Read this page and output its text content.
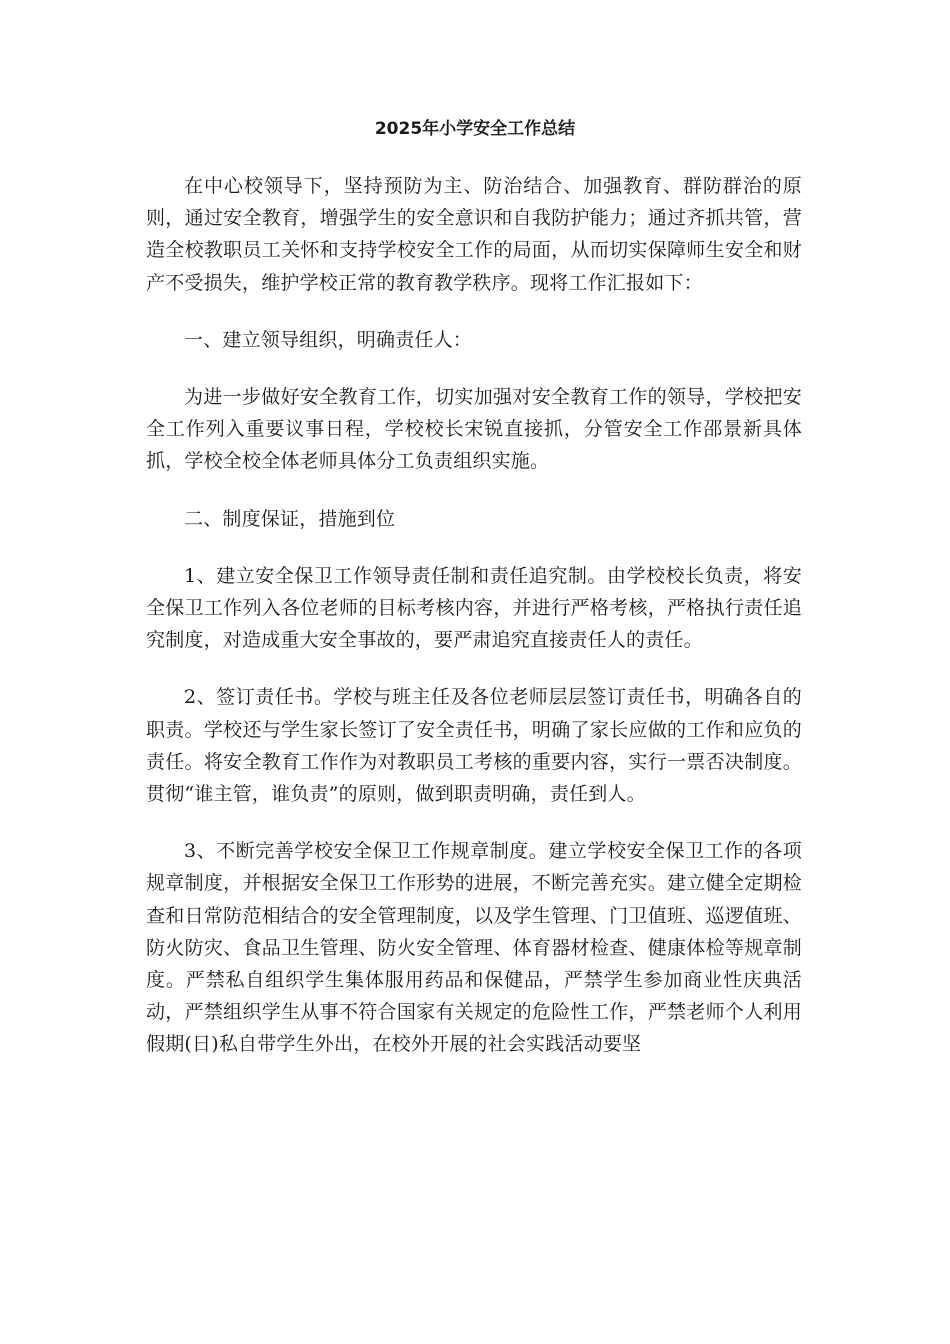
2025年小学安全工作总结

在中心校领导下，坚持预防为主、防治结合、加强教育、群防群治的原则，通过安全教育，增强学生的安全意识和自我防护能力；通过齐抓共管，营造全校教职员工关怀和支持学校安全工作的局面，从而切实保障师生安全和财产不受损失，维护学校正常的教育教学秩序。现将工作汇报如下：

一、建立领导组织，明确责任人：

为进一步做好安全教育工作，切实加强对安全教育工作的领导，学校把安全工作列入重要议事日程，学校校长宋锐直接抓，分管安全工作邵景新具体抓，学校全校全体老师具体分工负责组织实施。

二、制度保证，措施到位

1、建立安全保卫工作领导责任制和责任追究制。由学校校长负责，将安全保卫工作列入各位老师的目标考核内容，并进行严格考核，严格执行责任追究制度，对造成重大安全事故的，要严肃追究直接责任人的责任。

2、签订责任书。学校与班主任及各位老师层层签订责任书，明确各自的职责。学校还与学生家长签订了安全责任书，明确了家长应做的工作和应负的责任。将安全教育工作作为对教职员工考核的重要内容，实行一票否决制度。贯彻“谁主管，谁负责”的原则，做到职责明确，责任到人。

3、不断完善学校安全保卫工作规章制度。建立学校安全保卫工作的各项规章制度，并根据安全保卫工作形势的进展，不断完善充实。建立健全定期检查和日常防范相结合的安全管理制度，以及学生管理、门卫值班、巡逻值班、防火防灾、食品卫生管理、防火安全管理、体育器材检查、健康体检等规章制度。严禁私自组织学生集体服用药品和保健品，严禁学生参加商业性庆典活动，严禁组织学生从事不符合国家有关规定的危险性工作，严禁老师个人利用假期(日)私自带学生外出，在校外开展的社会实践活动要坚
